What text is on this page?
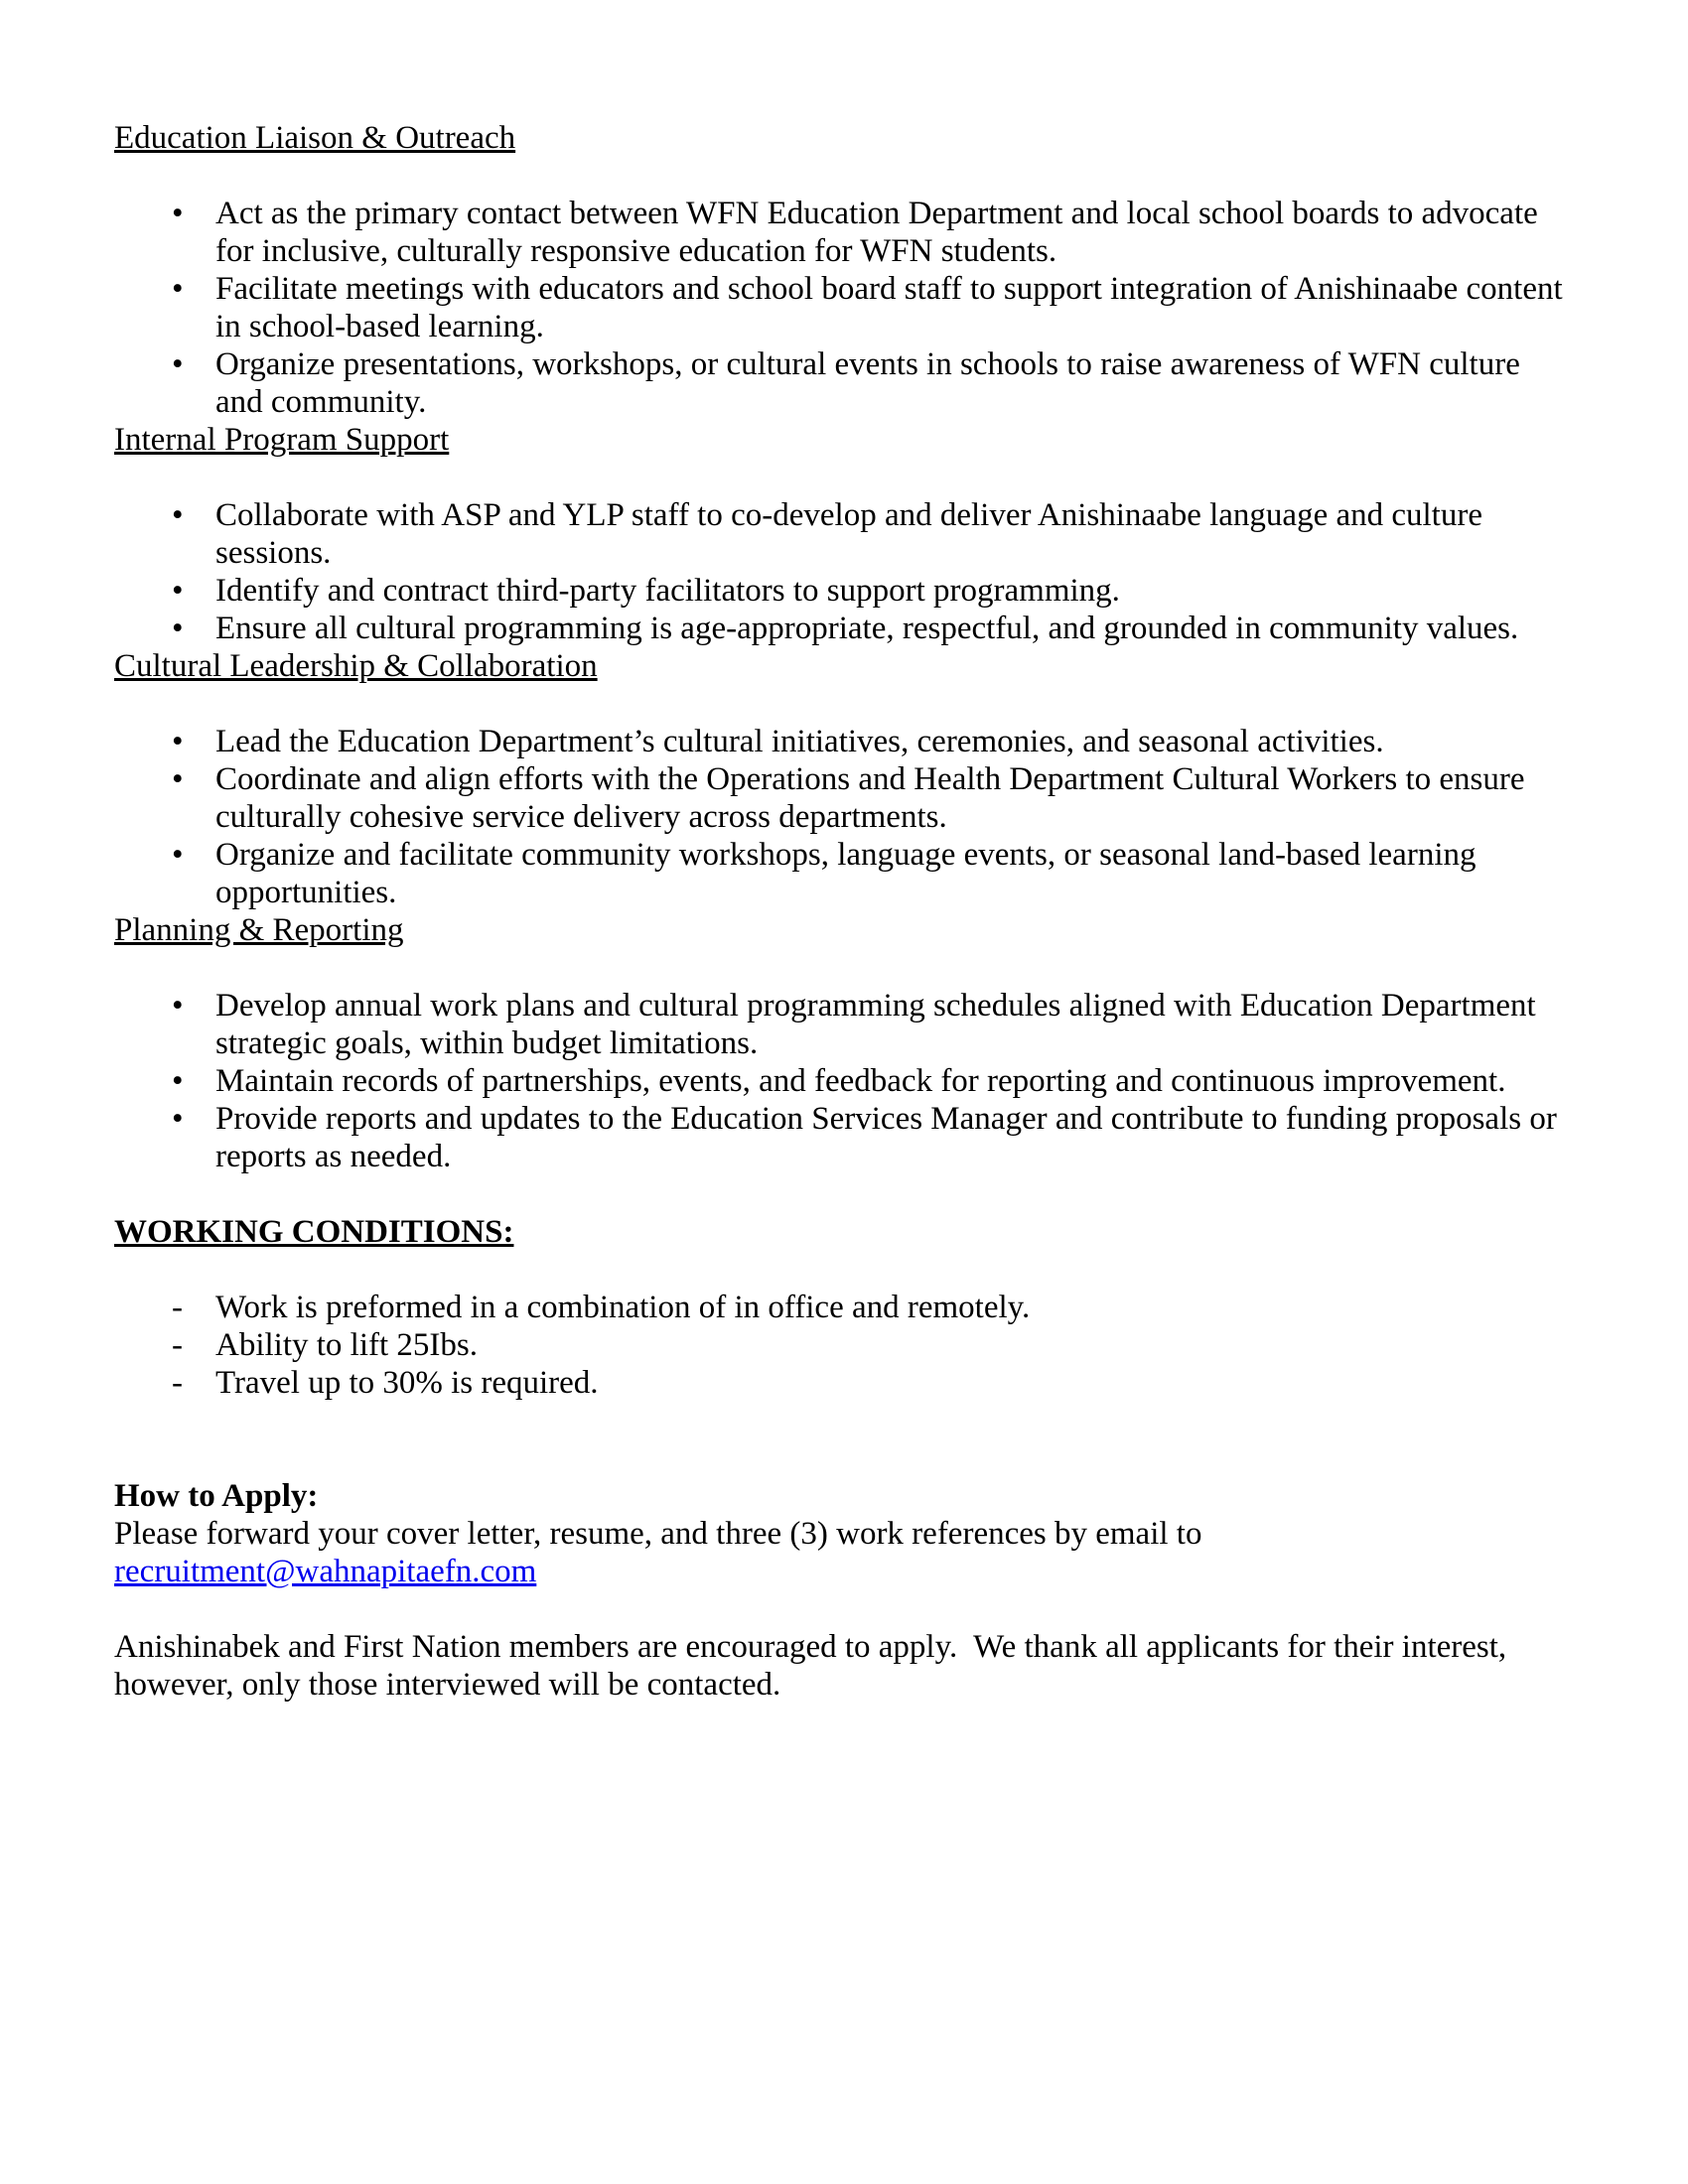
Education Liaison & Outreach
• Act as the primary contact between WFN Education Department and local school boards to advocate for inclusive, culturally responsive education for WFN students.
• Facilitate meetings with educators and school board staff to support integration of Anishinaabe content in school-based learning.
• Organize presentations, workshops, or cultural events in schools to raise awareness of WFN culture and community.
Internal Program Support
• Collaborate with ASP and YLP staff to co-develop and deliver Anishinaabe language and culture sessions.
• Identify and contract third-party facilitators to support programming.
• Ensure all cultural programming is age-appropriate, respectful, and grounded in community values.
Cultural Leadership & Collaboration
• Lead the Education Department’s cultural initiatives, ceremonies, and seasonal activities.
• Coordinate and align efforts with the Operations and Health Department Cultural Workers to ensure culturally cohesive service delivery across departments.
• Organize and facilitate community workshops, language events, or seasonal land-based learning opportunities.
Planning & Reporting
• Develop annual work plans and cultural programming schedules aligned with Education Department strategic goals, within budget limitations.
• Maintain records of partnerships, events, and feedback for reporting and continuous improvement.
• Provide reports and updates to the Education Services Manager and contribute to funding proposals or reports as needed.
WORKING CONDITIONS:
-	Work is preformed in a combination of in office and remotely.
-	Ability to lift 25Ibs.
-	Travel up to 30% is required.
How to Apply:

Please forward your cover letter, resume, and three (3) work references by email to

recruitment@wahnapitaefn.com

Anishinabek and First Nation members are encouraged to apply.  We thank all applicants for their interest, however, only those interviewed will be contacted.
